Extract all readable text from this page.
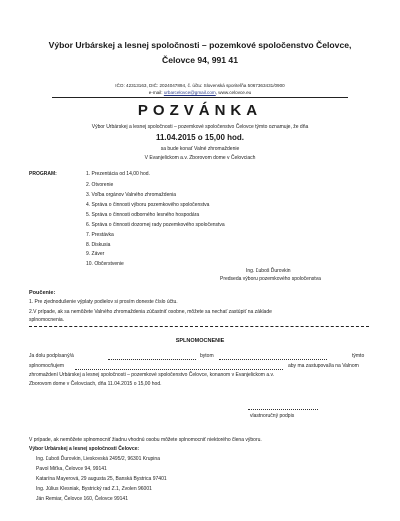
Výbor Urbárskej a lesnej spoločnosti – pozemkové spoločenstvo Čelovce,
Čelovce 94, 991 41
IČO: 42313163, DIČ: 2024047894, č. účtu: Slovenská sporiteľňa 5067363431/0900
e-mail: urbarcelovce@gmail.com, www.celovce.eu
POZVÁNKA
Výbor Urbárskej a lesnej spoločnosti – pozemkové spoločenstvo Čelovce týmto oznamuje, že dňa
11.04.2015 o 15,00 hod.
sa bude konať Valné zhromaždenie
V Evanjelickom a.v. Zborovom dome v Čelovciach
PROGRAM:	1. Prezentácia od 14,00 hod.
2. Otvorenie
3. Voľba orgánov Valného zhromaždenia
4. Správa o činnosti výboru pozemkového spoločenstva
5. Správa o činnosti odborného lesného hospodára
6. Správa o činnosti dozornej rady pozemkového spoločenstva
7. Prestávka
8. Diskusia
9. Záver
10. Občerstvenie
Ing. Ľuboš Ďurovkin
Predseda výboru pozemkového spoločenstva
Poučenie:
1. Pre zjednodušenie výplaty podielov si prosím doneste číslo účtu.
2.V prípade, ak sa nemôžete Valného zhromaždenia zúčastniť osobne, môžete sa nechať zastúpiť na základe
splnomocnenia.
SPLNOMOCNENIE
Ja dolu podpísaný/á	bytom	týmto
splnomocňujem	aby ma zastupoval/a na Valnom
zhromaždení Urbárskej a lesnej spoločnosti – pozemkové spoločenstvo Čelovce, konanom v Evanjelickom a.v.
Zborovom dome v Čelovciach, dňa 11.04.2015 o 15,00 hod.
vlastnoručný podpis
V prípade, ak nemôžete splnomocniť žiadnu vhodnú osobu môžete splnomocniť niektorého člena výboru.
Výbor Urbárskej a lesnej spoločnosti Čelovce:
Ing. Ľuboš Ďurovkin, Lieskovská 2495/2, 96301 Krupina
Pavol Miťka, Čelovce 94, 99141
Katarína Mayerová, 29 augusta 25, Banská Bystrica 97401
Ing. Július Klesniak, Bystrický rad Z.1, Zvolen 96001
Ján Remiar, Čelovce 160, Čelovce 99141
